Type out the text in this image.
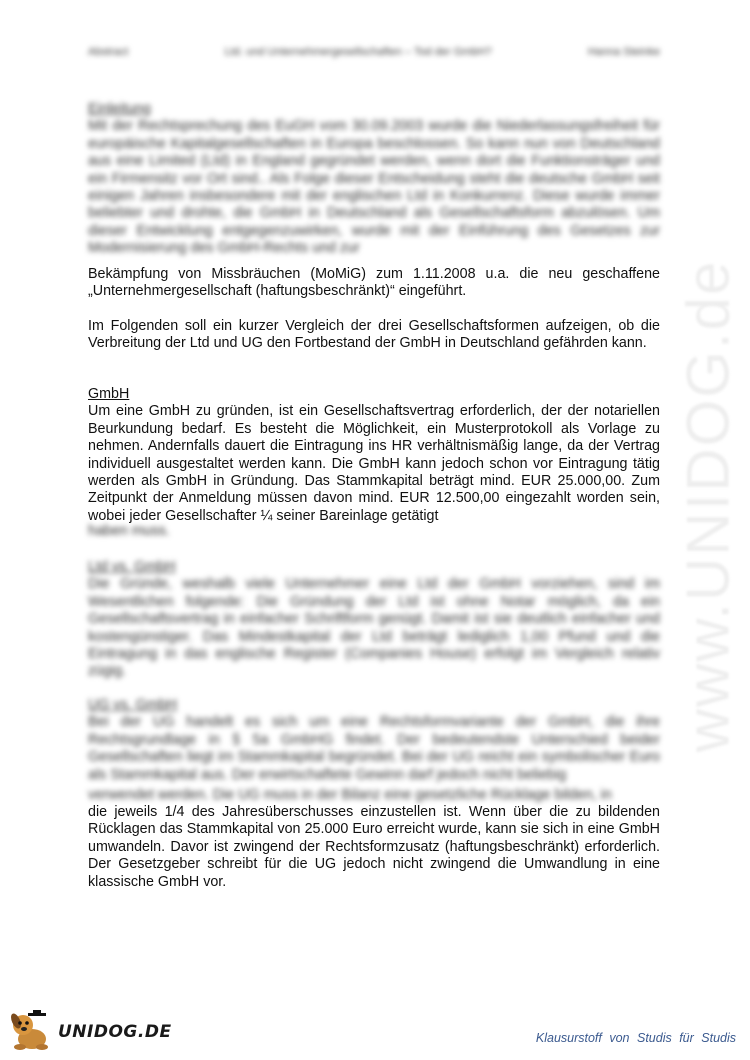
www.UNIDOG.de
Abstract	Ltd. und Unternehmergesellschaften – Tod der GmbH?	Hanna Steinke
Einleitung

Mit der Rechtsprechung des EuGH vom 30.09.2003 wurde die Niederlassungsfreiheit für europäische Kapitalgesellschaften in Europa beschlossen. So kann nun von Deutschland aus eine Limited (Ltd) in England gegründet werden, wenn dort die Funktionsträger und ein Firmensitz vor Ort sind.. Als Folge dieser Entscheidung steht die deutsche GmbH seit einigen Jahren insbesondere mit der englischen Ltd in Konkurrenz. Diese wurde immer beliebter und drohte, die GmbH in Deutschland als Gesellschaftsform abzulösen. Um dieser Entwicklung entgegenzuwirken, wurde mit der Einführung des Gesetzes zur Modernisierung des GmbH-Rechts und zur

Bekämpfung von Missbräuchen (MoMiG) zum 1.11.2008 u.a. die neu geschaffene „Unternehmergesellschaft (haftungsbeschränkt)“ eingeführt.

Im Folgenden soll ein kurzer Vergleich der drei Gesellschaftsformen aufzeigen, ob die Verbreitung der Ltd und UG den Fortbestand der GmbH in Deutschland gefährden kann.

GmbH

Um eine GmbH zu gründen, ist ein Gesellschaftsvertrag erforderlich, der der notariellen Beurkundung bedarf. Es besteht die Möglichkeit, ein Musterprotokoll als Vorlage zu nehmen. Andernfalls dauert die Eintragung ins HR verhältnismäßig lange, da der Vertrag individuell ausgestaltet werden kann. Die GmbH kann jedoch schon vor Eintragung tätig werden als GmbH in Gründung. Das Stammkapital beträgt mind. EUR 25.000,00. Zum Zeitpunkt der Anmeldung müssen davon mind. EUR 12.500,00 eingezahlt worden sein, wobei jeder Gesellschafter ¼ seiner Bareinlage getätigt

haben muss.

Ltd vs. GmbH

Die Gründe, weshalb viele Unternehmer eine Ltd der GmbH vorziehen, sind im Wesentlichen folgende: Die Gründung der Ltd ist ohne Notar möglich, da ein Gesellschaftsvertrag in einfacher Schriftform genügt. Damit ist sie deutlich einfacher und kostengünstiger. Das Mindestkapital der Ltd beträgt lediglich 1,00 Pfund und die Eintragung in das englische Register (Companies House) erfolgt im Vergleich relativ zügig.

UG vs. GmbH

Bei der UG handelt es sich um eine Rechtsformvariante der GmbH, die ihre Rechtsgrundlage in § 5a GmbHG findet. Der bedeutendste Unterschied beider Gesellschaften liegt im Stammkapital begründet. Bei der UG reicht ein symbolischer Euro als Stammkapital aus. Der erwirtschaftete Gewinn darf jedoch nicht beliebig

verwendet werden. Die UG muss in der Bilanz eine gesetzliche Rücklage bilden, in

die jeweils 1/4 des Jahresüberschusses einzustellen ist. Wenn über die zu bildenden Rücklagen das Stammkapital von 25.000 Euro erreicht wurde, kann sie sich in eine GmbH umwandeln. Davor ist zwingend der Rechtsformzusatz (haftungsbeschränkt) erforderlich. Der Gesetzgeber schreibt für die UG jedoch nicht zwingend die Umwandlung in eine klassische GmbH vor.

UNIDOG.DE	Klausurstoff von Studis für Studis
